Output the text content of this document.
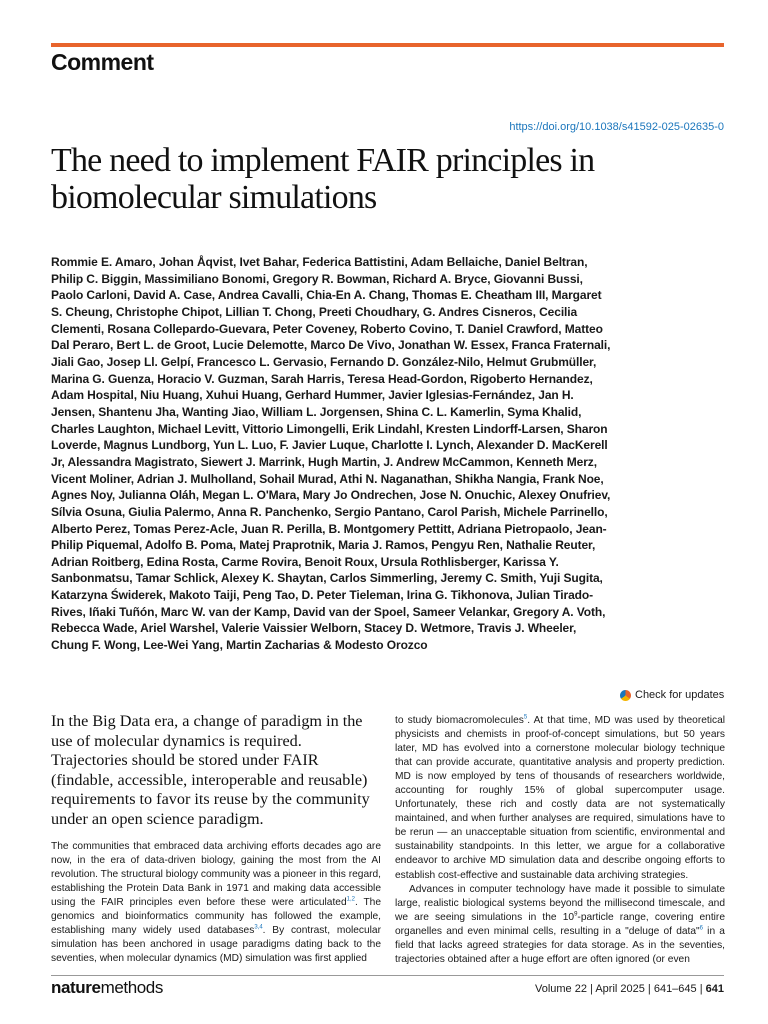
Comment
https://doi.org/10.1038/s41592-025-02635-0
The need to implement FAIR principles in biomolecular simulations
Rommie E. Amaro, Johan Åqvist, Ivet Bahar, Federica Battistini, Adam Bellaiche, Daniel Beltran, Philip C. Biggin, Massimiliano Bonomi, Gregory R. Bowman, Richard A. Bryce, Giovanni Bussi, Paolo Carloni, David A. Case, Andrea Cavalli, Chia-En A. Chang, Thomas E. Cheatham III, Margaret S. Cheung, Christophe Chipot, Lillian T. Chong, Preeti Choudhary, G. Andres Cisneros, Cecilia Clementi, Rosana Collepardo-Guevara, Peter Coveney, Roberto Covino, T. Daniel Crawford, Matteo Dal Peraro, Bert L. de Groot, Lucie Delemotte, Marco De Vivo, Jonathan W. Essex, Franca Fraternali, Jiali Gao, Josep Ll. Gelpí, Francesco L. Gervasio, Fernando D. González-Nilo, Helmut Grubmüller, Marina G. Guenza, Horacio V. Guzman, Sarah Harris, Teresa Head-Gordon, Rigoberto Hernandez, Adam Hospital, Niu Huang, Xuhui Huang, Gerhard Hummer, Javier Iglesias-Fernández, Jan H. Jensen, Shantenu Jha, Wanting Jiao, William L. Jorgensen, Shina C. L. Kamerlin, Syma Khalid, Charles Laughton, Michael Levitt, Vittorio Limongelli, Erik Lindahl, Kresten Lindorff-Larsen, Sharon Loverde, Magnus Lundborg, Yun L. Luo, F. Javier Luque, Charlotte I. Lynch, Alexander D. MacKerell Jr, Alessandra Magistrato, Siewert J. Marrink, Hugh Martin, J. Andrew McCammon, Kenneth Merz, Vicent Moliner, Adrian J. Mulholland, Sohail Murad, Athi N. Naganathan, Shikha Nangia, Frank Noe, Agnes Noy, Julianna Oláh, Megan L. O'Mara, Mary Jo Ondrechen, Jose N. Onuchic, Alexey Onufriev, Sílvia Osuna, Giulia Palermo, Anna R. Panchenko, Sergio Pantano, Carol Parish, Michele Parrinello, Alberto Perez, Tomas Perez-Acle, Juan R. Perilla, B. Montgomery Pettitt, Adriana Pietropaolo, Jean-Philip Piquemal, Adolfo B. Poma, Matej Praprotnik, Maria J. Ramos, Pengyu Ren, Nathalie Reuter, Adrian Roitberg, Edina Rosta, Carme Rovira, Benoit Roux, Ursula Rothlisberger, Karissa Y. Sanbonmatsu, Tamar Schlick, Alexey K. Shaytan, Carlos Simmerling, Jeremy C. Smith, Yuji Sugita, Katarzyna Świderek, Makoto Taiji, Peng Tao, D. Peter Tieleman, Irina G. Tikhonova, Julian Tirado-Rives, Iñaki Tuñón, Marc W. van der Kamp, David van der Spoel, Sameer Velankar, Gregory A. Voth, Rebecca Wade, Ariel Warshel, Valerie Vaissier Welborn, Stacey D. Wetmore, Travis J. Wheeler, Chung F. Wong, Lee-Wei Yang, Martin Zacharias & Modesto Orozco
Check for updates
In the Big Data era, a change of paradigm in the use of molecular dynamics is required. Trajectories should be stored under FAIR (findable, accessible, interoperable and reusable) requirements to favor its reuse by the community under an open science paradigm.

The communities that embraced data archiving efforts decades ago are now, in the era of data-driven biology, gaining the most from the AI revolution. The structural biology community was a pioneer in this regard, establishing the Protein Data Bank in 1971 and making data accessible using the FAIR principles even before these were articulated$^{1,2}$. The genomics and bioinformatics community has followed the example, establishing many widely used databases$^{3,4}$. By contrast, molecular simulation has been anchored in usage paradigms dating back to the seventies, when molecular dynamics (MD) simulation was first applied

to study biomacromolecules$^5$. At that time, MD was used by theoretical physicists and chemists in proof-of-concept simulations, but 50 years later, MD has evolved into a cornerstone molecular biology technique that can provide accurate, quantitative analysis and property prediction. MD is now employed by tens of thousands of researchers worldwide, accounting for roughly 15% of global supercomputer usage. Unfortunately, these rich and costly data are not systematically maintained, and when further analyses are required, simulations have to be rerun — an unacceptable situation from scientific, environmental and sustainability standpoints. In this letter, we argue for a collaborative endeavor to archive MD simulation data and describe ongoing efforts to establish cost-effective and sustainable data archiving strategies.

Advances in computer technology have made it possible to simulate large, realistic biological systems beyond the millisecond timescale, and we are seeing simulations in the $10^9$-particle range, covering entire organelles and even minimal cells, resulting in a "deluge of data"$^6$ in a field that lacks agreed strategies for data storage. As in the seventies, trajectories obtained after a huge effort are often ignored (or even

naturemethods	Volume 22 | April 2025 | 641–645 | 641
